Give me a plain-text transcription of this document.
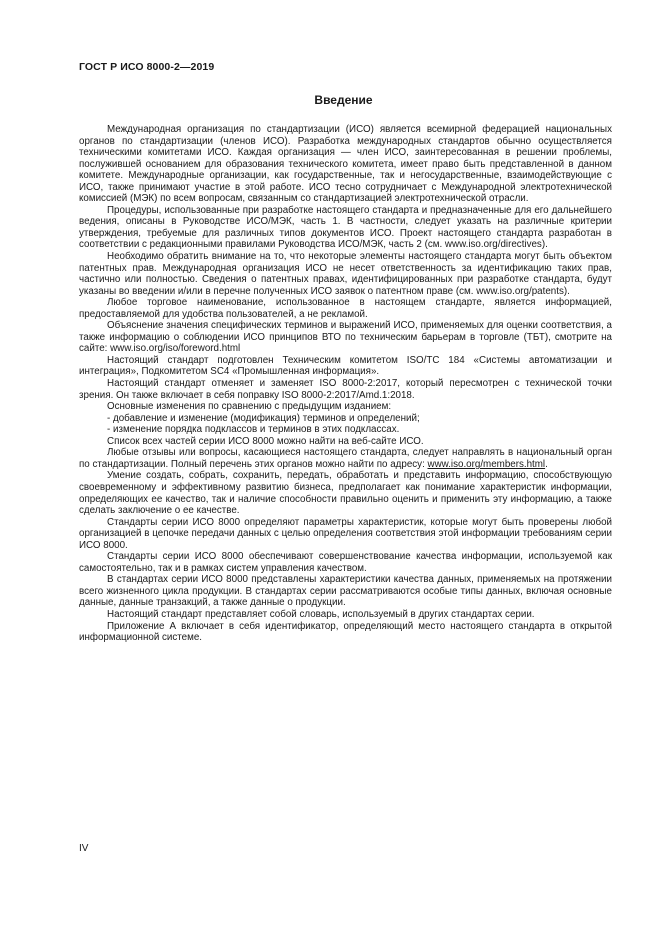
ГОСТ Р ИСО 8000-2—2019
Введение

Международная организация по стандартизации (ИСО) является всемирной федерацией национальных органов по стандартизации (членов ИСО). Разработка международных стандартов обычно осуществляется техническими комитетами ИСО. Каждая организация — член ИСО, заинтересованная в решении проблемы, послужившей основанием для образования технического комитета, имеет право быть представленной в данном комитете. Международные организации, как государственные, так и негосударственные, взаимодействующие с ИСО, также принимают участие в этой работе. ИСО тесно сотрудничает с Международной электротехнической комиссией (МЭК) по всем вопросам, связанным со стандартизацией электротехнической отрасли.

Процедуры, использованные при разработке настоящего стандарта и предназначенные для его дальнейшего ведения, описаны в Руководстве ИСО/МЭК, часть 1. В частности, следует указать на различные критерии утверждения, требуемые для различных типов документов ИСО. Проект настоящего стандарта разработан в соответствии с редакционными правилами Руководства ИСО/МЭК, часть 2 (см. www.iso.org/directives).

Необходимо обратить внимание на то, что некоторые элементы настоящего стандарта могут быть объектом патентных прав. Международная организация ИСО не несет ответственность за идентификацию таких прав, частично или полностью. Сведения о патентных правах, идентифицированных при разработке стандарта, будут указаны во введении и/или в перечне полученных ИСО заявок о патентном праве (см. www.iso.org/patents).

Любое торговое наименование, использованное в настоящем стандарте, является информацией, предоставляемой для удобства пользователей, а не рекламой.

Объяснение значения специфических терминов и выражений ИСО, применяемых для оценки соответствия, а также информацию о соблюдении ИСО принципов ВТО по техническим барьерам в торговле (ТБТ), смотрите на сайте: www.iso.org/iso/foreword.html

Настоящий стандарт подготовлен Техническим комитетом ISO/TC 184 «Системы автоматизации и интеграция», Подкомитетом SC4 «Промышленная информация».

Настоящий стандарт отменяет и заменяет ISO 8000-2:2017, который пересмотрен с технической точки зрения. Он также включает в себя поправку ISO 8000-2:2017/Amd.1:2018.

Основные изменения по сравнению с предыдущим изданием:

- добавление и изменение (модификация) терминов и определений;

- изменение порядка подклассов и терминов в этих подклассах.

Список всех частей серии ИСО 8000 можно найти на веб-сайте ИСО.

Любые отзывы или вопросы, касающиеся настоящего стандарта, следует направлять в национальный орган по стандартизации. Полный перечень этих органов можно найти по адресу: www.iso.org/members.html.

Умение создать, собрать, сохранить, передать, обработать и представить информацию, способствующую своевременному и эффективному развитию бизнеса, предполагает как понимание характеристик информации, определяющих ее качество, так и наличие способности правильно оценить и применить эту информацию, а также сделать заключение о ее качестве.

Стандарты серии ИСО 8000 определяют параметры характеристик, которые могут быть проверены любой организацией в цепочке передачи данных с целью определения соответствия этой информации требованиям серии ИСО 8000.

Стандарты серии ИСО 8000 обеспечивают совершенствование качества информации, используемой как самостоятельно, так и в рамках систем управления качеством.

В стандартах серии ИСО 8000 представлены характеристики качества данных, применяемых на протяжении всего жизненного цикла продукции. В стандартах серии рассматриваются особые типы данных, включая основные данные, данные транзакций, а также данные о продукции.

Настоящий стандарт представляет собой словарь, используемый в других стандартах серии.

Приложение А включает в себя идентификатор, определяющий место настоящего стандарта в открытой информационной системе.

IV
